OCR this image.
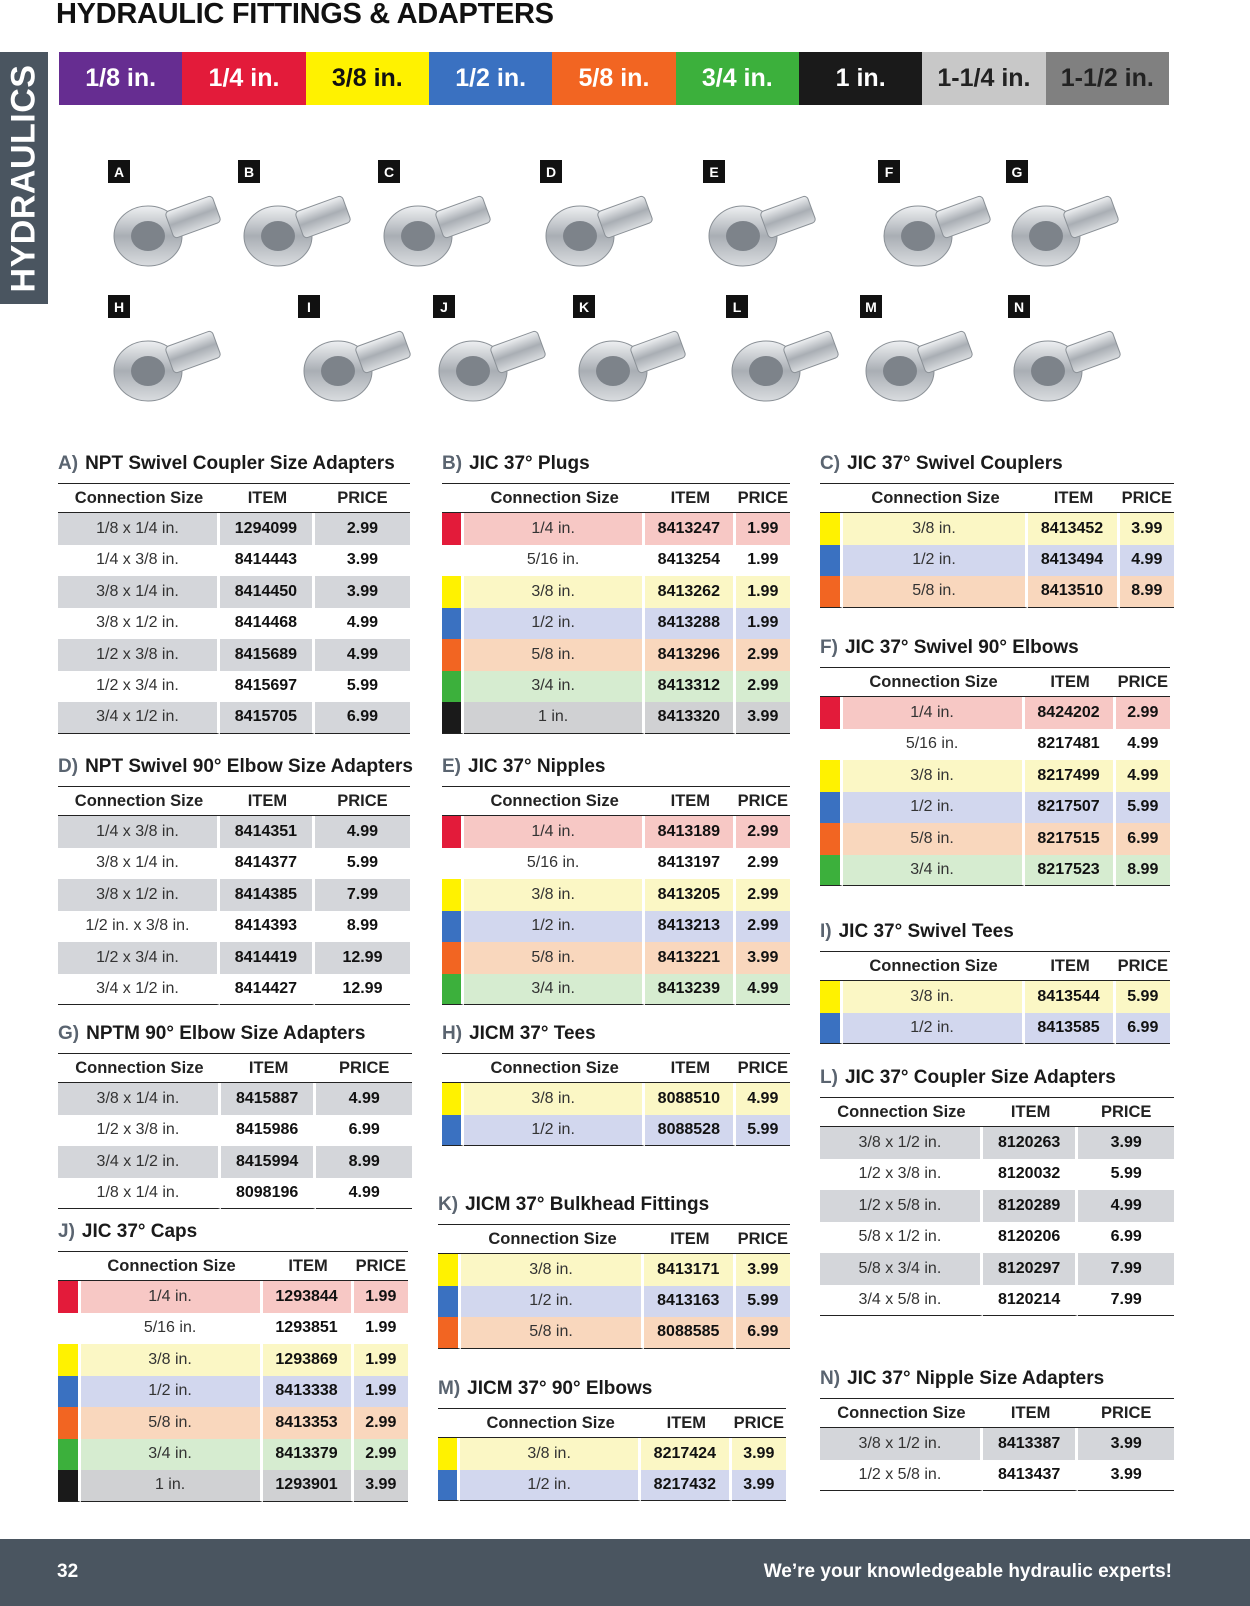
HYDRAULIC FITTINGS & ADAPTERS
HYDRAULICS	1/8 in.	1/4 in.	3/8 in.	1/2 in.	5/8 in.	3/4 in.	1 in.	1-1/4 in.	1-1/2 in.
A	B	C	D	E	F	G
H	I	J	K	L	M	N
A) NPT Swivel Coupler Size Adapters
Connection Size	ITEM	PRICE
1/8 x 1/4 in.	1294099	2.99
1/4 x 3/8 in.	8414443	3.99
3/8 x 1/4 in.	8414450	3.99
3/8 x 1/2 in.	8414468	4.99
1/2 x 3/8 in.	8415689	4.99
1/2 x 3/4 in.	8415697	5.99
3/4 x 1/2 in.	8415705	6.99
B) JIC 37° Plugs
	Connection Size	ITEM	PRICE
	1/4 in.	8413247	1.99
	5/16 in.	8413254	1.99
	3/8 in.	8413262	1.99
	1/2 in.	8413288	1.99
	5/8 in.	8413296	2.99
	3/4 in.	8413312	2.99
	1 in.	8413320	3.99
C) JIC 37° Swivel Couplers
	Connection Size	ITEM	PRICE
	3/8 in.	8413452	3.99
	1/2 in.	8413494	4.99
	5/8 in.	8413510	8.99
D) NPT Swivel 90° Elbow Size Adapters
Connection Size	ITEM	PRICE
1/4 x 3/8 in.	8414351	4.99
3/8 x 1/4 in.	8414377	5.99
3/8 x 1/2 in.	8414385	7.99
1/2 in. x 3/8 in.	8414393	8.99
1/2 x 3/4 in.	8414419	12.99
3/4 x 1/2 in.	8414427	12.99
E) JIC 37° Nipples
	Connection Size	ITEM	PRICE
	1/4 in.	8413189	2.99
	5/16 in.	8413197	2.99
	3/8 in.	8413205	2.99
	1/2 in.	8413213	2.99
	5/8 in.	8413221	3.99
	3/4 in.	8413239	4.99
F) JIC 37° Swivel 90° Elbows
	Connection Size	ITEM	PRICE
	1/4 in.	8424202	2.99
	5/16 in.	8217481	4.99
	3/8 in.	8217499	4.99
	1/2 in.	8217507	5.99
	5/8 in.	8217515	6.99
	3/4 in.	8217523	8.99
G) NPTM 90° Elbow Size Adapters
Connection Size	ITEM	PRICE
3/8 x 1/4 in.	8415887	4.99
1/2 x 3/8 in.	8415986	6.99
3/4 x 1/2 in.	8415994	8.99
1/8 x 1/4 in.	8098196	4.99
H) JICM 37° Tees
	Connection Size	ITEM	PRICE
	3/8 in.	8088510	4.99
	1/2 in.	8088528	5.99
I) JIC 37° Swivel Tees
	Connection Size	ITEM	PRICE
	3/8 in.	8413544	5.99
	1/2 in.	8413585	6.99
J) JIC 37° Caps
	Connection Size	ITEM	PRICE
	1/4 in.	1293844	1.99
	5/16 in.	1293851	1.99
	3/8 in.	1293869	1.99
	1/2 in.	8413338	1.99
	5/8 in.	8413353	2.99
	3/4 in.	8413379	2.99
	1 in.	1293901	3.99
K) JICM 37° Bulkhead Fittings
	Connection Size	ITEM	PRICE
	3/8 in.	8413171	3.99
	1/2 in.	8413163	5.99
	5/8 in.	8088585	6.99
L) JIC 37° Coupler Size Adapters
Connection Size	ITEM	PRICE
3/8 x 1/2 in.	8120263	3.99
1/2 x 3/8 in.	8120032	5.99
1/2 x 5/8 in.	8120289	4.99
5/8 x 1/2 in.	8120206	6.99
5/8 x 3/4 in.	8120297	7.99
3/4 x 5/8 in.	8120214	7.99
M) JICM 37° 90° Elbows
	Connection Size	ITEM	PRICE
	3/8 in.	8217424	3.99
	1/2 in.	8217432	3.99
N) JIC 37° Nipple Size Adapters
Connection Size	ITEM	PRICE
3/8 x 1/2 in.	8413387	3.99
1/2 x 5/8 in.	8413437	3.99
32	We’re your knowledgeable hydraulic experts!
